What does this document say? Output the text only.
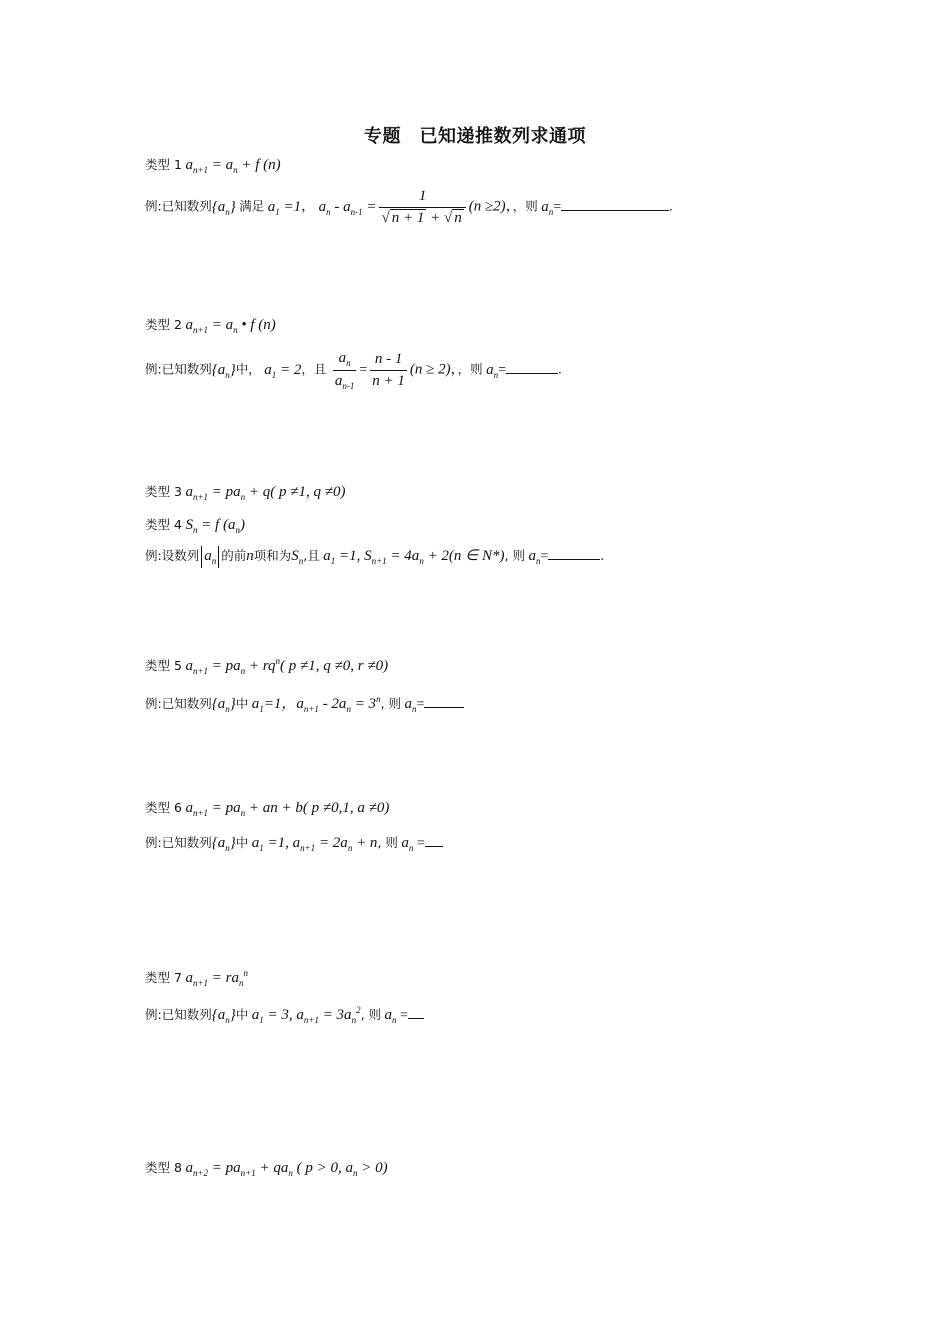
专题　已知递推数列求通项
类型 1 $a_{n+1} = a_n + f$ (n)
例:已知数列$\{a_n\}$ 满足 $a_1 =1$， $a_n - a_{n-1} = \frac{1}{√ n + 1 + √ n} (n \ge 2)$，，则 $a_n=$	.
类型 2 $a_{n+1} = a_n$ • f (n)
例:已知数列$\{a_n\}$中， $a_1 = 2$，且 $\frac{a_n}{a_{n-1}} = \frac{n - 1}{n + 1} (n \ge 2)$，，则 $a_n=$	.
类型 3 $a_{n+1} = pa_n + q$( p ≠1, q ≠0)
类型 4 $S_n = f$ $(a_n)$
例:设数列 $a_n$ 的前n项和为$S_n$,且 $a_1 =1$, $S_{n+1} = 4a_n + 2(n$ ∈ N*), 则 $a_n=$	.
类型 5 $a_{n+1} = pa_n + rq^n$( p ≠1, q ≠0, r ≠0)
例:已知数列$\{a_n\}$中 $a_1=1$，$a_{n+1} - 2a_n = 3^n$, 则 $a_n=$
类型 6 $a_{n+1} = pa_n$ + an + b( p ≠0,1, a ≠0)
例:已知数列$\{a_n\}$中 $a_1 =1$, $a_{n+1} = 2a_n + n$, 则 $a_n$ =
类型 7 $a_{n+1} = ra_n^n$
例:已知数列$\{a_n\}$中 $a_1 = 3$, $a_{n+1} = 3a_n^2$, 则 $a_n$ =
类型 8 $a_{n+2} = pa_{n+1} + qa_n$ ( p > 0, $a_n > 0$)
